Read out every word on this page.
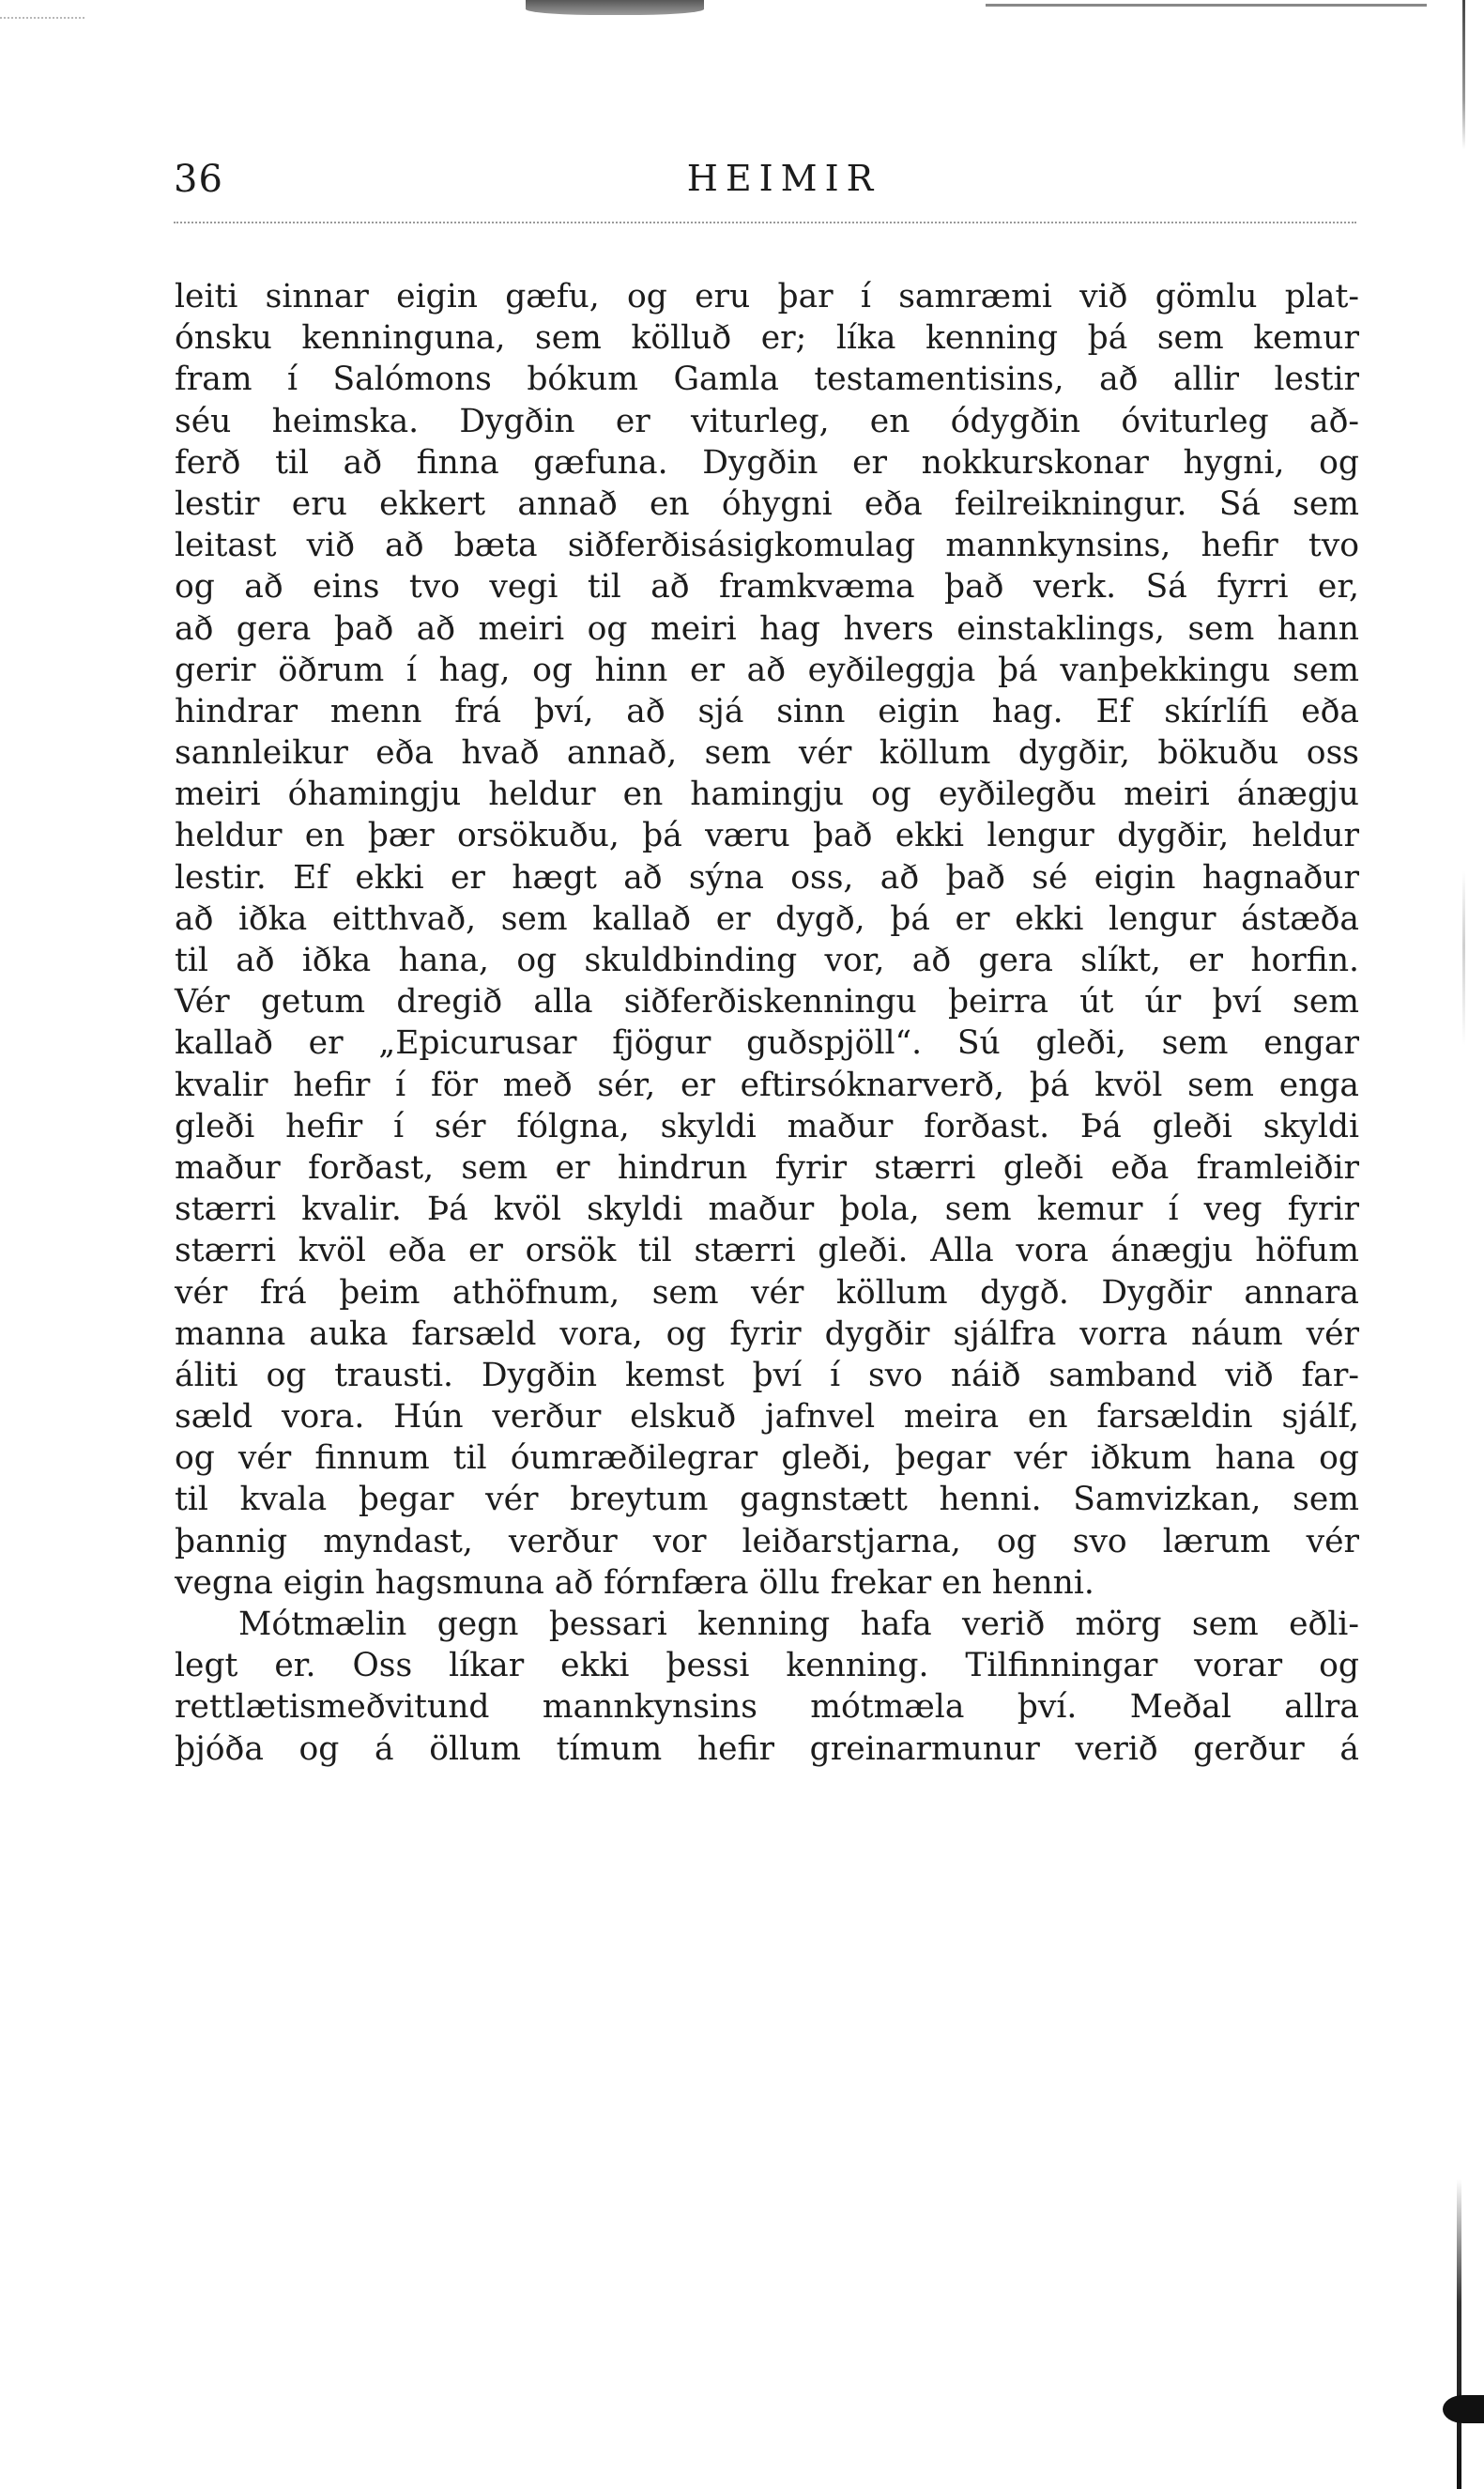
36	HEIMIR
leiti sinnar eigin gæfu, og eru þar í samræmi við gömlu plat-
ónsku kenninguna, sem kölluð er; líka kenning þá sem kemur
fram í Salómons bókum Gamla testamentisins, að allir lestir
séu heimska. Dygðin er viturleg, en ódygðin óviturleg að-
ferð til að finna gæfuna. Dygðin er nokkurskonar hygni, og
lestir eru ekkert annað en óhygni eða feilreikningur. Sá sem
leitast við að bæta siðferðisásigkomulag mannkynsins, hefir tvo
og að eins tvo vegi til að framkvæma það verk. Sá fyrri er,
að gera það að meiri og meiri hag hvers einstaklings, sem hann
gerir öðrum í hag, og hinn er að eyðileggja þá vanþekkingu sem
hindrar menn frá því, að sjá sinn eigin hag. Ef skírlífi eða
sannleikur eða hvað annað, sem vér köllum dygðir, bökuðu oss
meiri óhamingju heldur en hamingju og eyðilegðu meiri ánægju
heldur en þær orsökuðu, þá væru það ekki lengur dygðir, heldur
lestir. Ef ekki er hægt að sýna oss, að það sé eigin hagnaður
að iðka eitthvað, sem kallað er dygð, þá er ekki lengur ástæða
til að iðka hana, og skuldbinding vor, að gera slíkt, er horfin.
Vér getum dregið alla siðferðiskenningu þeirra út úr því sem
kallað er „Epicurusar fjögur guðspjöll“. Sú gleði, sem engar
kvalir hefir í för með sér, er eftirsóknarverð, þá kvöl sem enga
gleði hefir í sér fólgna, skyldi maður forðast. Þá gleði skyldi
maður forðast, sem er hindrun fyrir stærri gleði eða framleiðir
stærri kvalir. Þá kvöl skyldi maður þola, sem kemur í veg fyrir
stærri kvöl eða er orsök til stærri gleði. Alla vora ánægju höfum
vér frá þeim athöfnum, sem vér köllum dygð. Dygðir annara
manna auka farsæld vora, og fyrir dygðir sjálfra vorra náum vér
áliti og trausti. Dygðin kemst því í svo náið samband við far-
sæld vora. Hún verður elskuð jafnvel meira en farsældin sjálf,
og vér finnum til óumræðilegrar gleði, þegar vér iðkum hana og
til kvala þegar vér breytum gagnstætt henni. Samvizkan, sem
þannig myndast, verður vor leiðarstjarna, og svo lærum vér
vegna eigin hagsmuna að fórnfæra öllu frekar en henni.
Mótmælin gegn þessari kenning hafa verið mörg sem eðli-
legt er. Oss líkar ekki þessi kenning. Tilfinningar vorar og
rettlætismeðvitund mannkynsins mótmæla því. Meðal allra
þjóða og á öllum tímum hefir greinarmunur verið gerður á
